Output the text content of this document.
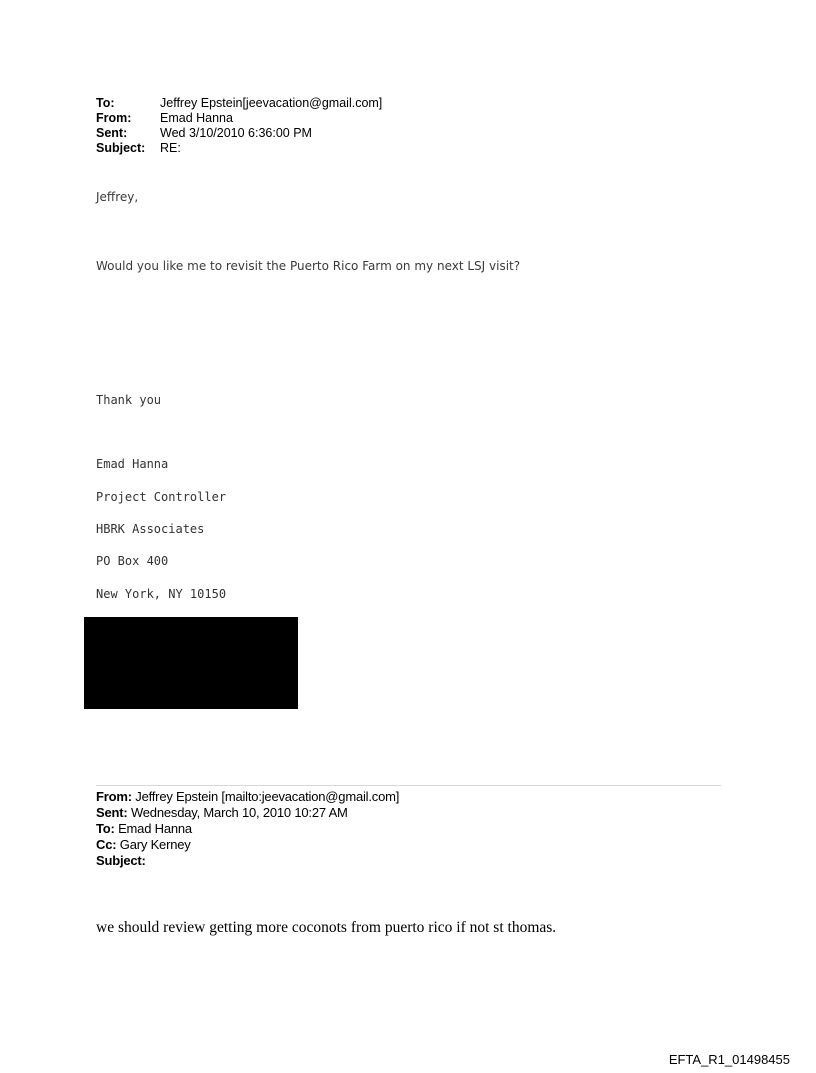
To:	Jeffrey Epstein[jeevacation@gmail.com]
From:	Emad Hanna
Sent:	Wed 3/10/2010 6:36:00 PM
Subject:	RE:
Jeffrey,
Would you like me to revisit the Puerto Rico Farm on my next LSJ visit?
Thank you
Emad Hanna
Project Controller
HBRK Associates
PO Box 400
New York, NY 10150
From: Jeffrey Epstein [mailto:jeevacation@gmail.com]
Sent: Wednesday, March 10, 2010 10:27 AM
To: Emad Hanna
Cc: Gary Kerney
Subject:
we should review getting more coconots from puerto rico if not st thomas.
EFTA_R1_01498455
